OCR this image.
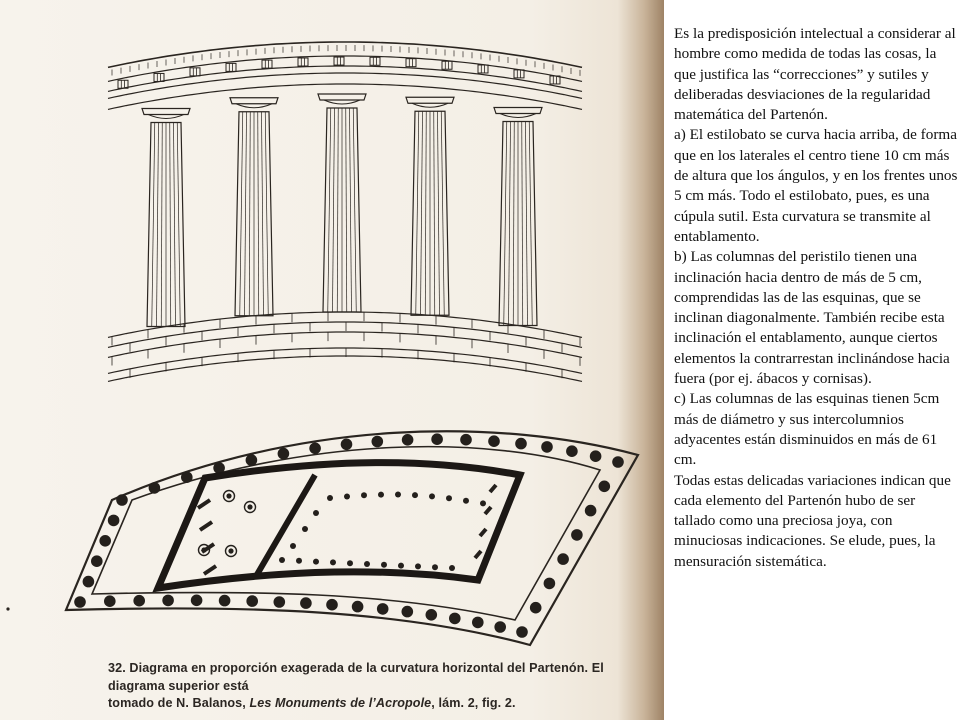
Es la predisposición intelectual a considerar al hombre como medida de todas las cosas, la que justifica las “correcciones” y sutiles y deliberadas desviaciones de la regularidad matemática del Partenón.

a) El estilobato se curva hacia arriba, de forma que en los laterales el centro tiene 10 cm más de altura que los ángulos, y en los frentes unos 5 cm más. Todo el estilobato, pues, es una cúpula sutil. Esta curvatura se transmite al entablamento.

b) Las columnas del peristilo tienen una inclinación hacia dentro de más de 5 cm, comprendidas las de las esquinas, que se inclinan diagonalmente. También recibe esta inclinación el entablamento, aunque ciertos elementos la contrarrestan inclinándose hacia fuera (por ej. ábacos y cornisas).

c) Las columnas de las esquinas tienen 5cm más de diámetro y sus intercolumnios adyacentes están disminuidos en más de 61 cm.

Todas estas delicadas variaciones indican que cada elemento del Partenón hubo de ser tallado como una preciosa joya, con minuciosas indicaciones. Se elude, pues, la mensuración sistemática.

32. Diagrama en proporción exagerada de la curvatura horizontal del Partenón. El diagrama superior está
tomado de N. Balanos, Les Monuments de l’Acropole, lám. 2, fig. 2.
